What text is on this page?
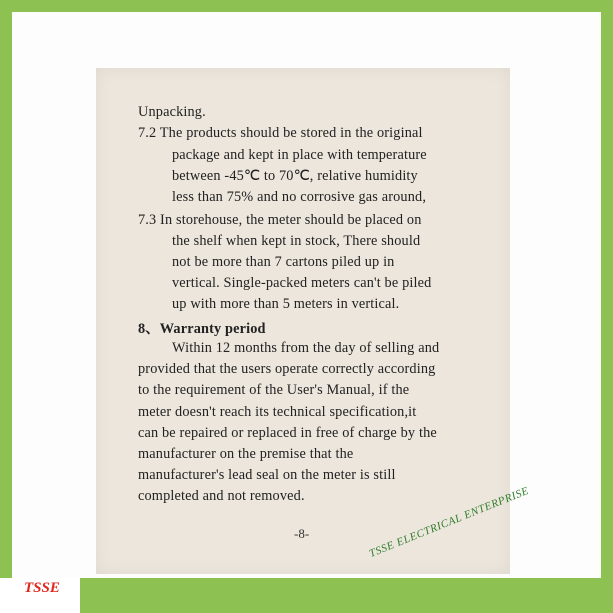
Unpacking.
7.2 The products should be stored in the original
package and kept in place with temperature
between -45℃ to 70℃, relative humidity
less than 75% and no corrosive gas around,
7.3 In storehouse, the meter should be placed on
the shelf when kept in stock, There should
not be more than 7 cartons piled up in
vertical. Single-packed meters can't be piled
up with more than 5 meters in vertical.
8、Warranty period
Within 12 months from the day of selling and
provided that the users operate correctly according
to the requirement of the User's Manual, if the
meter doesn't reach its technical specification,it
can be repaired or replaced in free of charge by the
manufacturer on the premise that the
manufacturer's lead seal on the meter is still
completed and not removed.
-8-	TSSE ELECTRICAL ENTERPRISE
TSSE
